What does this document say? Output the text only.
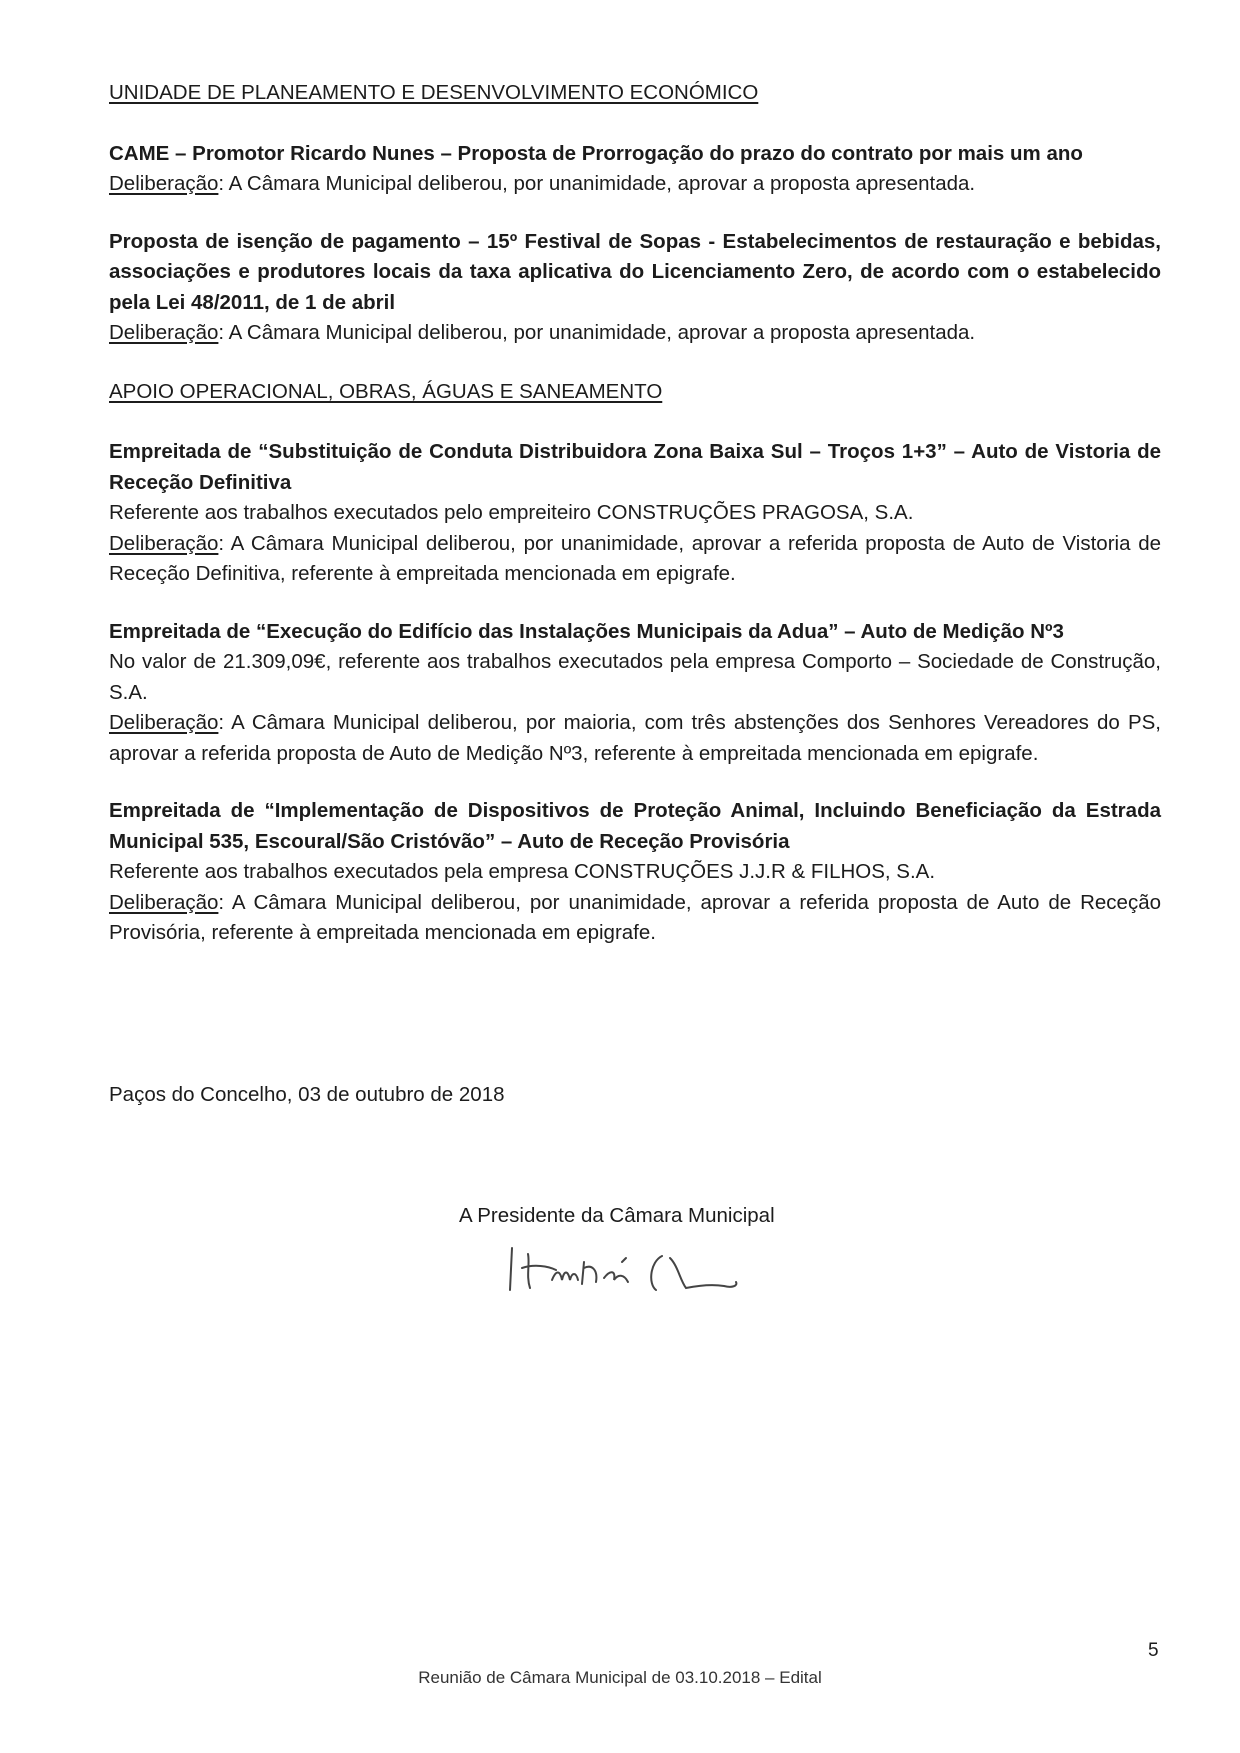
UNIDADE DE PLANEAMENTO E DESENVOLVIMENTO ECONÓMICO
CAME – Promotor Ricardo Nunes – Proposta de Prorrogação do prazo do contrato por mais um ano
Deliberação: A Câmara Municipal deliberou, por unanimidade, aprovar a proposta apresentada.
Proposta de isenção de pagamento – 15º Festival de Sopas - Estabelecimentos de restauração e bebidas, associações e produtores locais da taxa aplicativa do Licenciamento Zero, de acordo com o estabelecido pela Lei 48/2011, de 1 de abril
Deliberação: A Câmara Municipal deliberou, por unanimidade, aprovar a proposta apresentada.
APOIO OPERACIONAL, OBRAS, ÁGUAS E SANEAMENTO
Empreitada de “Substituição de Conduta Distribuidora Zona Baixa Sul – Troços 1+3” – Auto de Vistoria de Receção Definitiva
Referente aos trabalhos executados pelo empreiteiro CONSTRUÇÕES PRAGOSA, S.A.
Deliberação: A Câmara Municipal deliberou, por unanimidade, aprovar a referida proposta de Auto de Vistoria de Receção Definitiva, referente à empreitada mencionada em epigrafe.
Empreitada de “Execução do Edifício das Instalações Municipais da Adua” – Auto de Medição Nº3
No valor de 21.309,09€, referente aos trabalhos executados pela empresa Comporto – Sociedade de Construção, S.A.
Deliberação: A Câmara Municipal deliberou, por maioria, com três abstenções dos Senhores Vereadores do PS, aprovar a referida proposta de Auto de Medição Nº3, referente à empreitada mencionada em epigrafe.
Empreitada de “Implementação de Dispositivos de Proteção Animal, Incluindo Beneficiação da Estrada Municipal 535, Escoural/São Cristóvão” – Auto de Receção Provisória
Referente aos trabalhos executados pela empresa CONSTRUÇÕES J.J.R & FILHOS, S.A.
Deliberação: A Câmara Municipal deliberou, por unanimidade, aprovar a referida proposta de Auto de Receção Provisória, referente à empreitada mencionada em epigrafe.
Paços do Concelho, 03 de outubro de 2018
A Presidente da Câmara Municipal
5
Reunião de Câmara Municipal de 03.10.2018 – Edital
